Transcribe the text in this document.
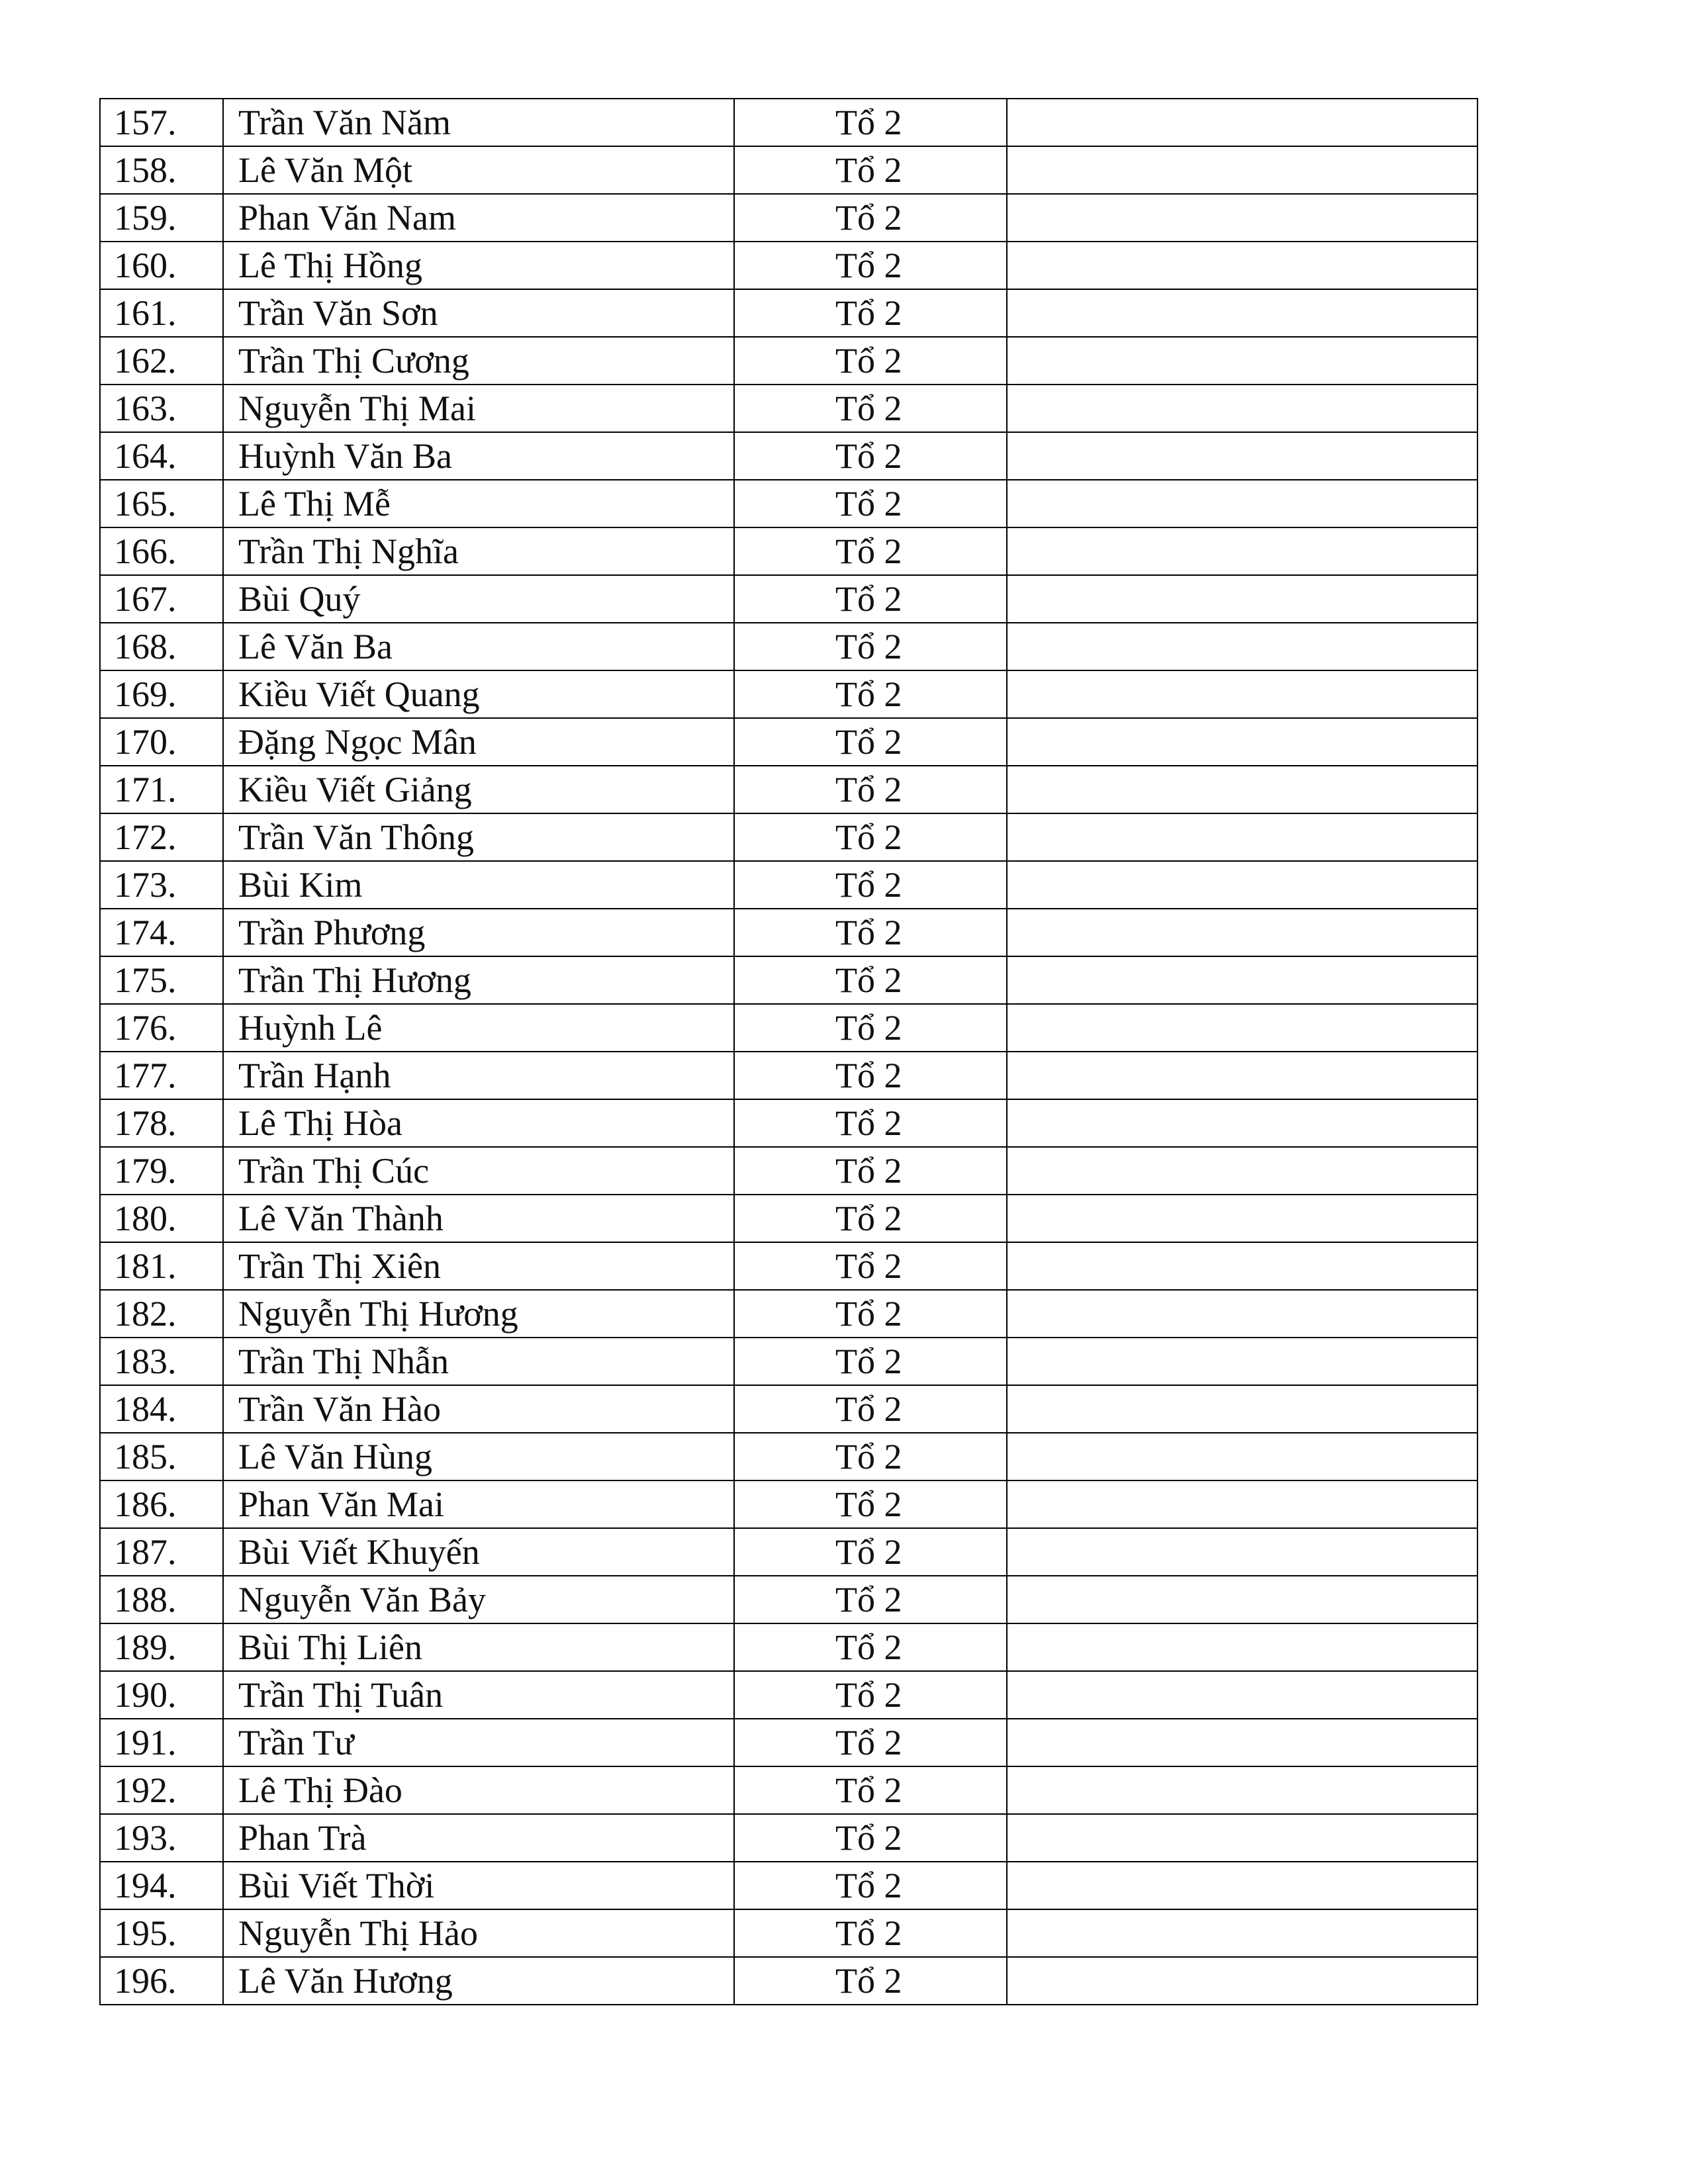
157.	Trần Văn Năm	Tổ 2	
158.	Lê Văn Một	Tổ 2	
159.	Phan Văn Nam	Tổ 2	
160.	Lê Thị Hồng	Tổ 2	
161.	Trần Văn Sơn	Tổ 2	
162.	Trần Thị Cương	Tổ 2	
163.	Nguyễn Thị Mai	Tổ 2	
164.	Huỳnh Văn Ba	Tổ 2	
165.	Lê Thị Mễ	Tổ 2	
166.	Trần Thị Nghĩa	Tổ 2	
167.	Bùi Quý	Tổ 2	
168.	Lê Văn Ba	Tổ 2	
169.	Kiều Viết Quang	Tổ 2	
170.	Đặng Ngọc Mân	Tổ 2	
171.	Kiều Viết Giảng	Tổ 2	
172.	Trần Văn Thông	Tổ 2	
173.	Bùi Kim	Tổ 2	
174.	Trần Phương	Tổ 2	
175.	Trần Thị Hương	Tổ 2	
176.	Huỳnh Lê	Tổ 2	
177.	Trần Hạnh	Tổ 2	
178.	Lê Thị Hòa	Tổ 2	
179.	Trần Thị Cúc	Tổ 2	
180.	Lê Văn Thành	Tổ 2	
181.	Trần Thị Xiên	Tổ 2	
182.	Nguyễn Thị Hương	Tổ 2	
183.	Trần Thị Nhẫn	Tổ 2	
184.	Trần Văn Hào	Tổ 2	
185.	Lê Văn Hùng	Tổ 2	
186.	Phan Văn Mai	Tổ 2	
187.	Bùi Viết Khuyến	Tổ 2	
188.	Nguyễn Văn Bảy	Tổ 2	
189.	Bùi Thị Liên	Tổ 2	
190.	Trần Thị Tuân	Tổ 2	
191.	Trần Tư	Tổ 2	
192.	Lê Thị Đào	Tổ 2	
193.	Phan Trà	Tổ 2	
194.	Bùi Viết Thời	Tổ 2	
195.	Nguyễn Thị Hảo	Tổ 2	
196.	Lê Văn Hương	Tổ 2	
